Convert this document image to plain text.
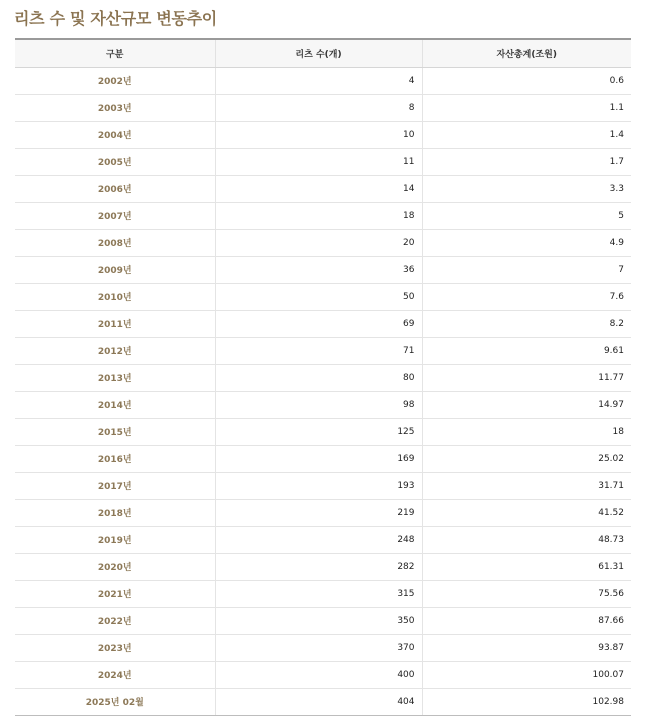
리츠 수 및 자산규모 변동추이
구분	리츠 수(개)	자산총계(조원)
2002년	4	0.6
2003년	8	1.1
2004년	10	1.4
2005년	11	1.7
2006년	14	3.3
2007년	18	5
2008년	20	4.9
2009년	36	7
2010년	50	7.6
2011년	69	8.2
2012년	71	9.61
2013년	80	11.77
2014년	98	14.97
2015년	125	18
2016년	169	25.02
2017년	193	31.71
2018년	219	41.52
2019년	248	48.73
2020년	282	61.31
2021년	315	75.56
2022년	350	87.66
2023년	370	93.87
2024년	400	100.07
2025년 02월	404	102.98
